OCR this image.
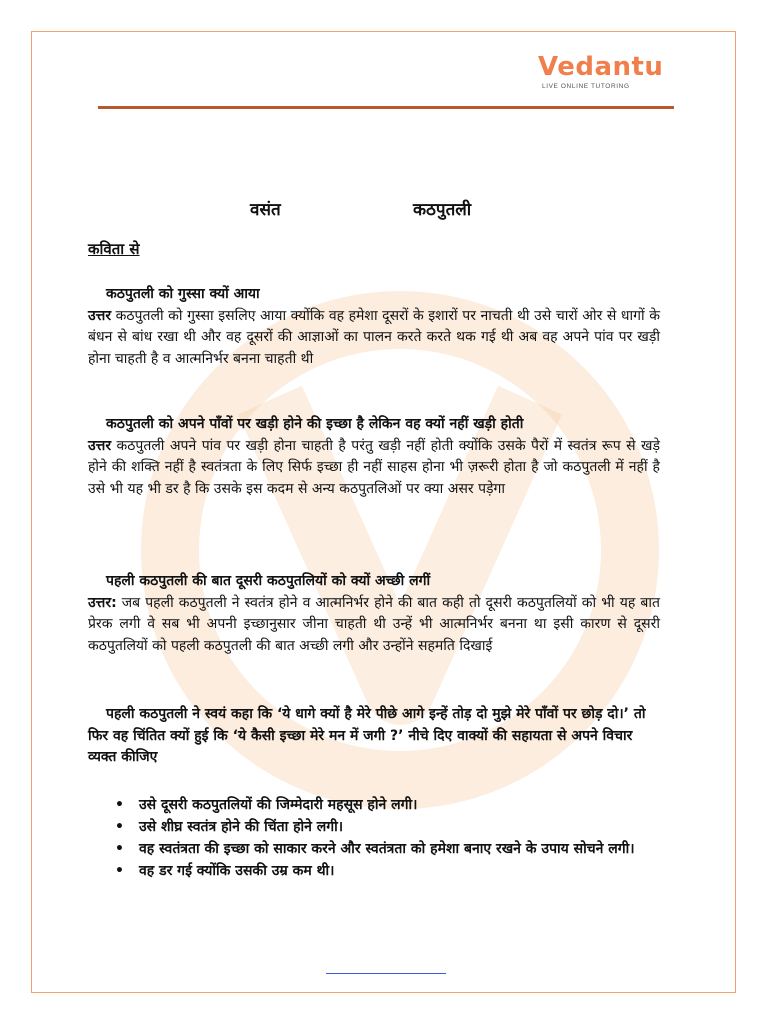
Vedantu
LIVE ONLINE TUTORING
वसंत	कठपुतली
कविता से
कठपुतली को गुस्सा क्यों आया
उत्तर कठपुतली को गुस्सा इसलिए आया क्योंकि वह हमेशा दूसरों के इशारों पर नाचती थी उसे चारों ओर से धागों के बंधन से बांध रखा थी और वह दूसरों की आज्ञाओं का पालन करते करते थक गई थी अब वह अपने पांव पर खड़ी होना चाहती है व आत्मनिर्भर बनना चाहती थी
कठपुतली को अपने पाँवों पर खड़ी होने की इच्छा है लेकिन वह क्यों नहीं खड़ी होती
उत्तर कठपुतली अपने पांव पर खड़ी होना चाहती है परंतु खड़ी नहीं होती क्योंकि उसके पैरों में स्वतंत्र रूप से खड़े होने की शक्ति नहीं है स्वतंत्रता के लिए सिर्फ इच्छा ही नहीं साहस होना भी ज़रूरी होता है जो कठपुतली में नहीं है उसे भी यह भी डर है कि उसके इस कदम से अन्य कठपुतलिओं पर क्या असर पड़ेगा
पहली कठपुतली की बात दूसरी कठपुतलियों को क्यों अच्छी लगीं
उत्तर: जब पहली कठपुतली ने स्वतंत्र होने व आत्मनिर्भर होने की बात कही तो दूसरी कठपुतलियों को भी यह बात प्रेरक लगी वे सब भी अपनी इच्छानुसार जीना चाहती थी उन्हें भी आत्मनिर्भर बनना था इसी कारण से दूसरी कठपुतलियों को पहली कठपुतली की बात अच्छी लगी और उन्होंने सहमति दिखाई
पहली कठपुतली ने स्वयं कहा कि ‘ये धागे क्यों है मेरे पीछे आगे इन्हें तोड़ दो मुझे मेरे पाँवों पर छोड़ दो।’ तो फिर वह चिंतित क्यों हुई कि ‘ये कैसी इच्छा मेरे मन में जगी ?’ नीचे दिए वाक्यों की सहायता से अपने विचार व्यक्त कीजिए
• उसे दूसरी कठपुतलियों की जिम्मेदारी महसूस होने लगी।
• उसे शीघ्र स्वतंत्र होने की चिंता होने लगी।
• वह स्वतंत्रता की इच्छा को साकार करने और स्वतंत्रता को हमेशा बनाए रखने के उपाय सोचने लगी।
• वह डर गई क्योंकि उसकी उम्र कम थी।
